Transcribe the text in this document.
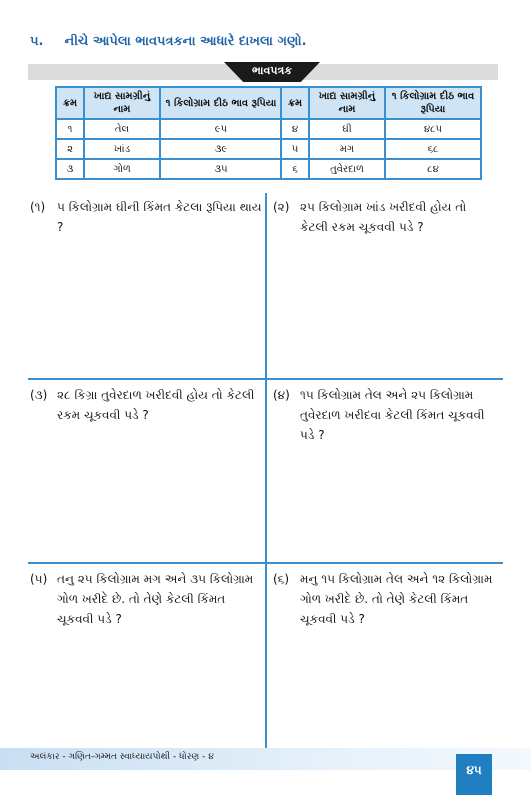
૫. નીચે આપેલા ભાવપત્રકના આધારે દાખલા ગણો.
ભાવપત્રક
ક્રમ	ખાદ્ય સામગ્રીનું નામ	૧ કિલોગ્રામ દીઠ ભાવ રૂપિયા
૧	તેલ	૯૫
૨	ખાંડ	૩૯
૩	ગોળ	૩૫
ક્રમ	ખાદ્ય સામગ્રીનું નામ	૧ કિલોગ્રામ દીઠ ભાવ રૂપિયા
૪	ઘી	૪૮૫
૫	મગ	૬૮
૬	તુવેરદાળ	૮૪
(૧) ૫ કિલોગ્રામ ઘીની કિંમત કેટલા રૂપિયા થાય ?
(૨) ૨૫ કિલોગ્રામ ખાંડ ખરીદવી હોય તો કેટલી રકમ ચૂકવવી પડે ?
(૩) ૨૮ કિગ્રા તુવેરદાળ ખરીદવી હોય તો કેટલી રકમ ચૂકવવી પડે ?
(૪) ૧૫ કિલોગ્રામ તેલ અને ૨૫ કિલોગ્રામ તુવેરદાળ ખરીદવા કેટલી કિંમત ચૂકવવી પડે ?
(૫) તનુ ૨૫ કિલોગ્રામ મગ અને ૩૫ કિલોગ્રામ ગોળ ખરીદે છે. તો તેણે કેટલી કિંમત ચૂકવવી પડે ?
(૬) મનુ ૧૫ કિલોગ્રામ તેલ અને ૧૨ કિલોગ્રામ ગોળ ખરીદે છે. તો તેણે કેટલી કિંમત ચૂકવવી પડે ?
અલંકાર - ગણિત-ગમ્મત સ્વાધ્યાયપોથી - ધોરણ - ૪
૪૫
